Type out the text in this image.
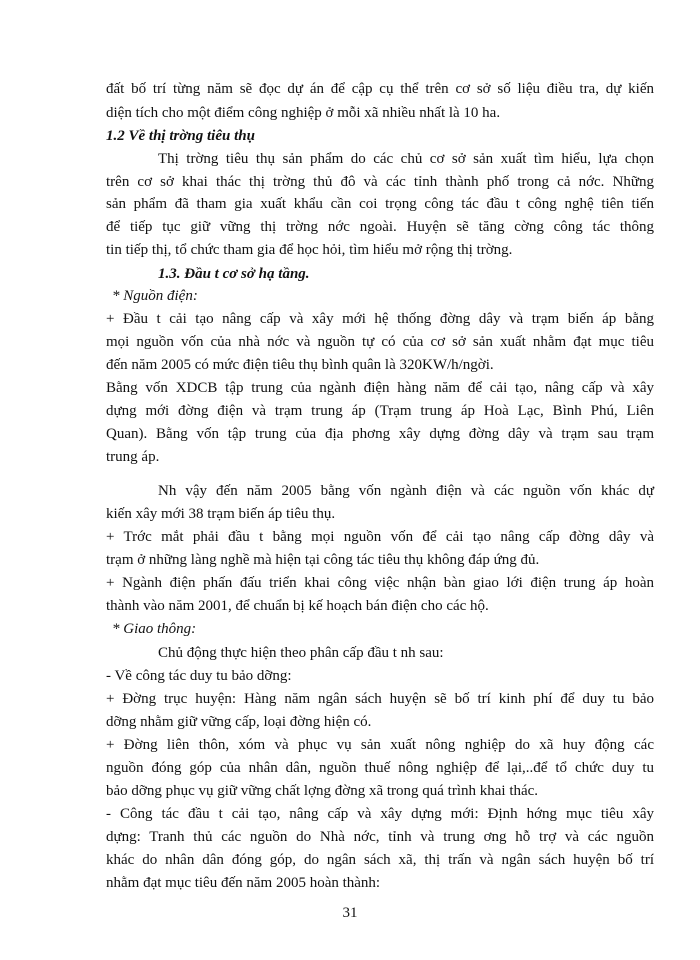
đất bố trí từng năm sẽ đọc dự án để cập cụ thể trên cơ sở số liệu điều tra, dự kiến
diện tích cho một điểm công nghiệp ở mỗi xã nhiều nhất là 10 ha.
1.2 Về thị trờng tiêu thụ
Thị trờng tiêu thụ sản phẩm do các chủ cơ sở sản xuất tìm hiểu, lựa chọn
trên cơ sở khai thác thị trờng thủ đô và các tỉnh thành phố trong cả nớc. Những
sản phẩm đã tham gia xuất khẩu cần coi trọng công tác đầu t công nghệ tiên tiến
để tiếp tục giữ vững thị trờng nớc ngoài. Huyện sẽ tăng cờng công tác thông
tin tiếp thị, tổ chức tham gia để học hỏi, tìm hiểu mở rộng thị trờng.
1.3. Đầu t cơ sở hạ tầng.
* Nguồn điện:
+ Đầu t cải tạo nâng cấp và xây mới hệ thống đờng dây và trạm biến áp bằng
mọi nguồn vốn của nhà nớc và nguồn tự có của cơ sở sản xuất nhằm đạt mục tiêu
đến năm 2005 có mức điện tiêu thụ bình quân là 320KW/h/ngời.
Bằng vốn XDCB tập trung của ngành điện hàng năm để cải tạo, nâng cấp và xây
dựng mới đờng điện và trạm trung áp (Trạm trung áp Hoà Lạc, Bình Phú, Liên
Quan). Bằng vốn tập trung của địa phơng xây dựng đờng dây và trạm sau trạm
trung áp.
Nh vậy đến năm 2005 bằng vốn ngành điện và các nguồn vốn khác dự
kiến xây mới 38 trạm biến áp tiêu thụ.
+ Trớc mắt phải đầu t bằng mọi nguồn vốn để cải tạo nâng cấp đờng dây và
trạm ở những làng nghề mà hiện tại công tác tiêu thụ không đáp ứng đủ.
+ Ngành điện phấn đấu triển khai công việc nhận bàn giao lới điện trung áp hoàn
thành vào năm 2001, để chuẩn bị kế hoạch bán điện cho các hộ.
* Giao thông:
Chủ động thực hiện theo phân cấp đầu t nh sau:
- Về công tác duy tu bảo dỡng:
+ Đờng trục huyện: Hàng năm ngân sách huyện sẽ bố trí kinh phí để duy tu bảo
dỡng nhằm giữ vững cấp, loại đờng hiện có.
+ Đờng liên thôn, xóm và phục vụ sản xuất nông nghiệp do xã huy động các
nguồn đóng góp của nhân dân, nguồn thuế nông nghiệp để lại,..để tổ chức duy tu
bảo dỡng phục vụ giữ vững chất lợng đờng xã trong quá trình khai thác.
- Công tác đầu t cải tạo, nâng cấp và xây dựng mới: Định hớng mục tiêu xây
dựng: Tranh thủ các nguồn do Nhà nớc, tỉnh và trung ơng hỗ trợ và các nguồn
khác do nhân dân đóng góp, do ngân sách xã, thị trấn và ngân sách huyện bố trí
nhằm đạt mục tiêu đến năm 2005 hoàn thành:
31
